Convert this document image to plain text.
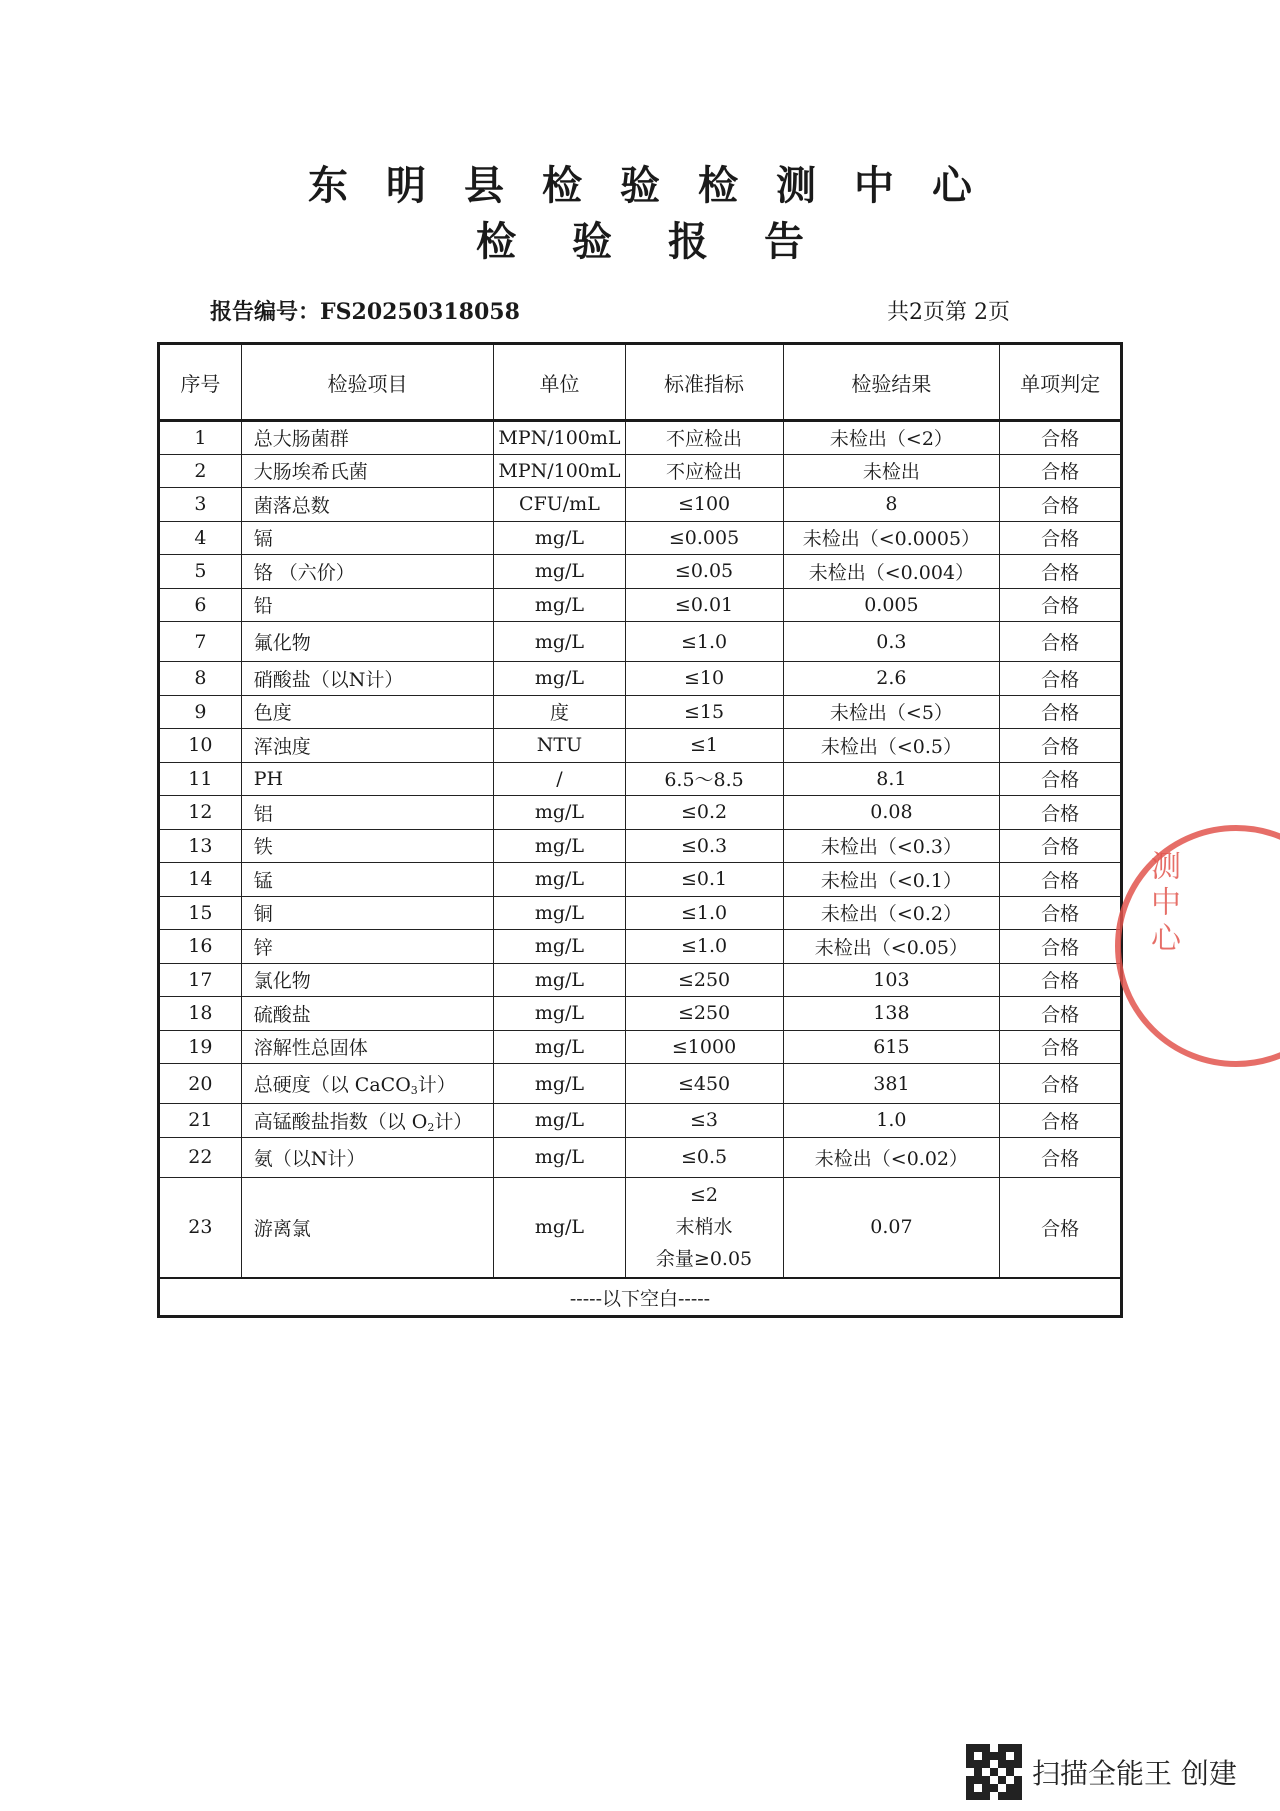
东明县检验检测中心
检验报告
报告编号：FS20250318058	共2页第 2页
序号	检验项目	单位	标准指标	检验结果	单项判定
1	总大肠菌群	MPN/100mL	不应检出	未检出（<2）	合格
2	大肠埃希氏菌	MPN/100mL	不应检出	未检出	合格
3	菌落总数	CFU/mL	≤100	8	合格
4	镉	mg/L	≤0.005	未检出（<0.0005）	合格
5	铬 （六价）	mg/L	≤0.05	未检出（<0.004）	合格
6	铅	mg/L	≤0.01	0.005	合格
7	氟化物	mg/L	≤1.0	0.3	合格
8	硝酸盐（以N计）	mg/L	≤10	2.6	合格
9	色度	度	≤15	未检出（<5）	合格
10	浑浊度	NTU	≤1	未检出（<0.5）	合格
11	PH	/	6.5～8.5	8.1	合格
12	铝	mg/L	≤0.2	0.08	合格
13	铁	mg/L	≤0.3	未检出（<0.3）	合格
14	锰	mg/L	≤0.1	未检出（<0.1）	合格
15	铜	mg/L	≤1.0	未检出（<0.2）	合格
16	锌	mg/L	≤1.0	未检出（<0.05）	合格
17	氯化物	mg/L	≤250	103	合格
18	硫酸盐	mg/L	≤250	138	合格
19	溶解性总固体	mg/L	≤1000	615	合格
20	总硬度（以 CaCO$_3$计）	mg/L	≤450	381	合格
21	高锰酸盐指数（以 $O_2$计）	mg/L	≤3	1.0	合格
22	氨（以N计）	mg/L	≤0.5	未检出（<0.02）	合格
23	游离氯	mg/L	≤2
末梢水
余量≥0.05	0.07	合格
-----以下空白-----					
测中心
扫描全能王 创建
